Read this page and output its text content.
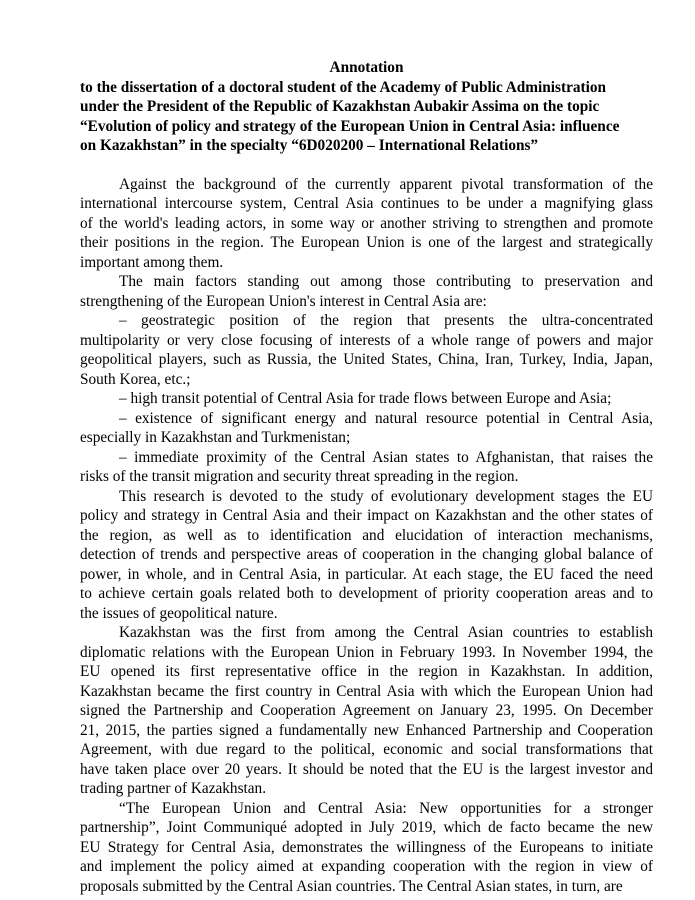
Annotation

to the dissertation of a doctoral student of the Academy of Public Administration
under the President of the Republic of Kazakhstan Aubakir Assima on the topic
“Evolution of policy and strategy of the European Union in Central Asia: influence
on Kazakhstan” in the specialty “6D020200 – International Relations”
Against the background of the currently apparent pivotal transformation of the
international intercourse system, Central Asia continues to be under a magnifying glass
of the world's leading actors, in some way or another striving to strengthen and promote
their positions in the region. The European Union is one of the largest and strategically
important among them.
The main factors standing out among those contributing to preservation and
strengthening of the European Union's interest in Central Asia are:
– geostrategic position of the region that presents the ultra-concentrated
multipolarity or very close focusing of interests of a whole range of powers and major
geopolitical players, such as Russia, the United States, China, Iran, Turkey, India, Japan,
South Korea, etc.;
– high transit potential of Central Asia for trade flows between Europe and Asia;
– existence of significant energy and natural resource potential in Central Asia,
especially in Kazakhstan and Turkmenistan;
– immediate proximity of the Central Asian states to Afghanistan, that raises the
risks of the transit migration and security threat spreading in the region.
This research is devoted to the study of evolutionary development stages the EU
policy and strategy in Central Asia and their impact on Kazakhstan and the other states of
the region, as well as to identification and elucidation of interaction mechanisms,
detection of trends and perspective areas of cooperation in the changing global balance of
power, in whole, and in Central Asia, in particular. At each stage, the EU faced the need
to achieve certain goals related both to development of priority cooperation areas and to
the issues of geopolitical nature.
Kazakhstan was the first from among the Central Asian countries to establish
diplomatic relations with the European Union in February 1993. In November 1994, the
EU opened its first representative office in the region in Kazakhstan. In addition,
Kazakhstan became the first country in Central Asia with which the European Union had
signed the Partnership and Cooperation Agreement on January 23, 1995. On December
21, 2015, the parties signed a fundamentally new Enhanced Partnership and Cooperation
Agreement, with due regard to the political, economic and social transformations that
have taken place over 20 years. It should be noted that the EU is the largest investor and
trading partner of Kazakhstan.
“The European Union and Central Asia: New opportunities for a stronger
partnership”, Joint Communiqué adopted in July 2019, which de facto became the new
EU Strategy for Central Asia, demonstrates the willingness of the Europeans to initiate
and implement the policy aimed at expanding cooperation with the region in view of
proposals submitted by the Central Asian countries. The Central Asian states, in turn, are
